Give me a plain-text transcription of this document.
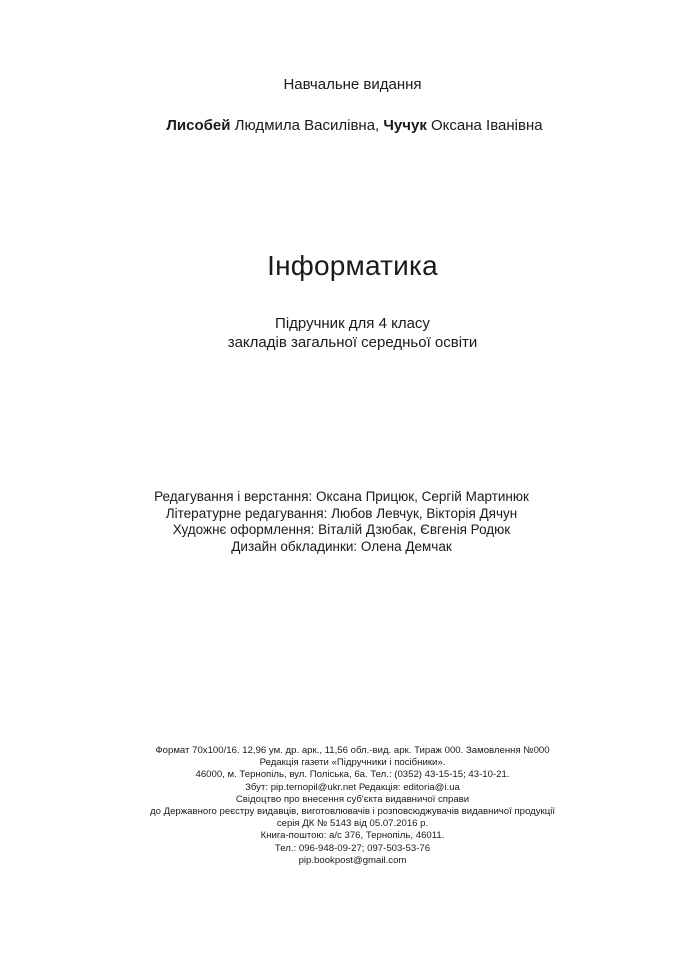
Навчальне видання
Лисобей Людмила Василівна, Чучук Оксана Іванівна
Інформатика
Підручник для 4 класу
закладів загальної середньої освіти
Редагування і верстання: Оксана Прицюк, Сергій Мартинюк
Літературне редагування: Любов Левчук, Вікторія Дячун
Художнє оформлення: Віталій Дзюбак, Євгенія Родюк
Дизайн обкладинки: Олена Демчак
Формат 70х100/16. 12,96 ум. др. арк., 11,56 обл.-вид. арк. Тираж 000. Замовлення №000
Редакція газети «Підручники і посібники».
46000, м. Тернопіль, вул. Поліська, 6а. Тел.: (0352) 43-15-15; 43-10-21.
Збут: pip.ternopil@ukr.net Редакція: editoria@i.ua
Свідоцтво про внесення суб'єкта видавничої справи
до Державного реєстру видавців, виготовлювачів і розповсюджувачів видавничої продукції
серія ДК № 5143 від 05.07.2016 р.
Книга-поштою: а/с 376, Тернопіль, 46011.
Тел.: 096-948-09-27; 097-503-53-76
pip.bookpost@gmail.com
